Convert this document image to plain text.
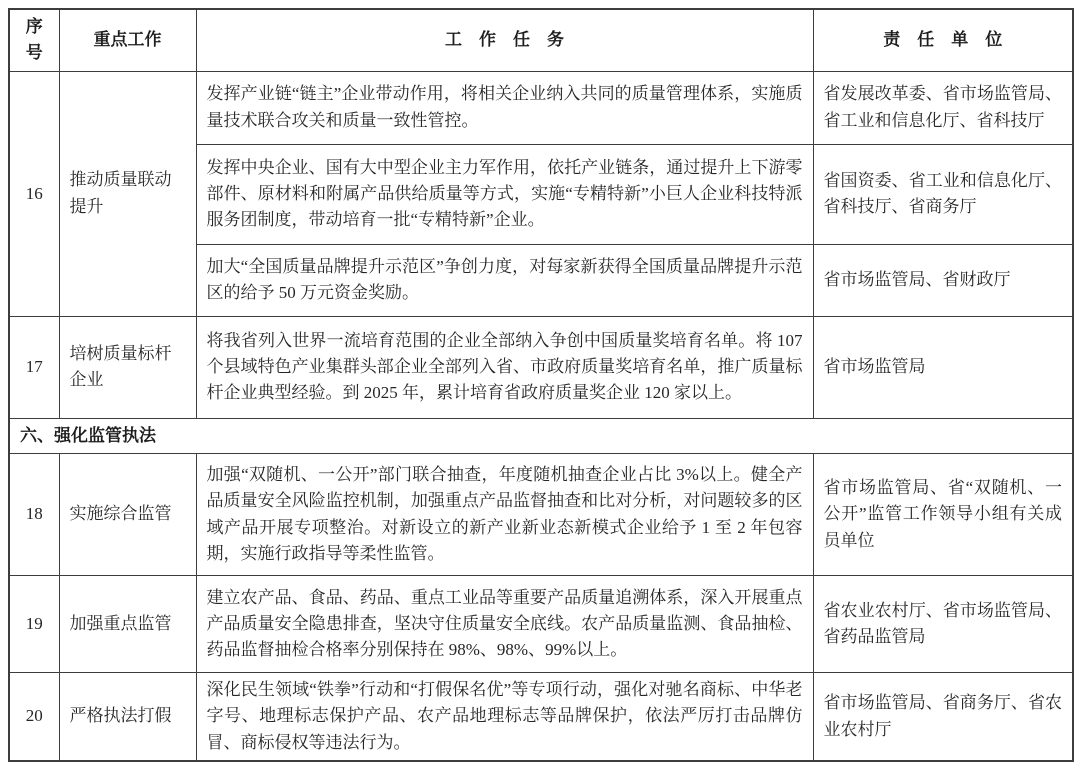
序号	重点工作	工　作　任　务	责　任　单　位
16	推动质量联动提升	发挥产业链“链主”企业带动作用，将相关企业纳入共同的质量管理体系，实施质量技术联合攻关和质量一致性管控。	省发展改革委、省市场监管局、省工业和信息化厅、省科技厅
		发挥中央企业、国有大中型企业主力军作用，依托产业链条，通过提升上下游零部件、原材料和附属产品供给质量等方式，实施“专精特新”小巨人企业科技特派服务团制度，带动培育一批“专精特新”企业。	省国资委、省工业和信息化厅、省科技厅、省商务厅
		加大“全国质量品牌提升示范区”争创力度，对每家新获得全国质量品牌提升示范区的给予 50 万元资金奖励。	省市场监管局、省财政厅
17	培树质量标杆企业	将我省列入世界一流培育范围的企业全部纳入争创中国质量奖培育名单。将 107 个县域特色产业集群头部企业全部列入省、市政府质量奖培育名单，推广质量标杆企业典型经验。到 2025 年，累计培育省政府质量奖企业 120 家以上。	省市场监管局
六、强化监管执法			
18	实施综合监管	加强“双随机、一公开”部门联合抽查，年度随机抽查企业占比 3%以上。健全产品质量安全风险监控机制，加强重点产品监督抽查和比对分析，对问题较多的区域产品开展专项整治。对新设立的新产业新业态新模式企业给予 1 至 2 年包容期，实施行政指导等柔性监管。	省市场监管局、省“双随机、一公开”监管工作领导小组有关成员单位
19	加强重点监管	建立农产品、食品、药品、重点工业品等重要产品质量追溯体系，深入开展重点产品质量安全隐患排查，坚决守住质量安全底线。农产品质量监测、食品抽检、药品监督抽检合格率分别保持在 98%、98%、99%以上。	省农业农村厅、省市场监管局、省药品监管局
20	严格执法打假	深化民生领域“铁拳”行动和“打假保名优”等专项行动，强化对驰名商标、中华老字号、地理标志保护产品、农产品地理标志等品牌保护，依法严厉打击品牌仿冒、商标侵权等违法行为。	省市场监管局、省商务厅、省农业农村厅
